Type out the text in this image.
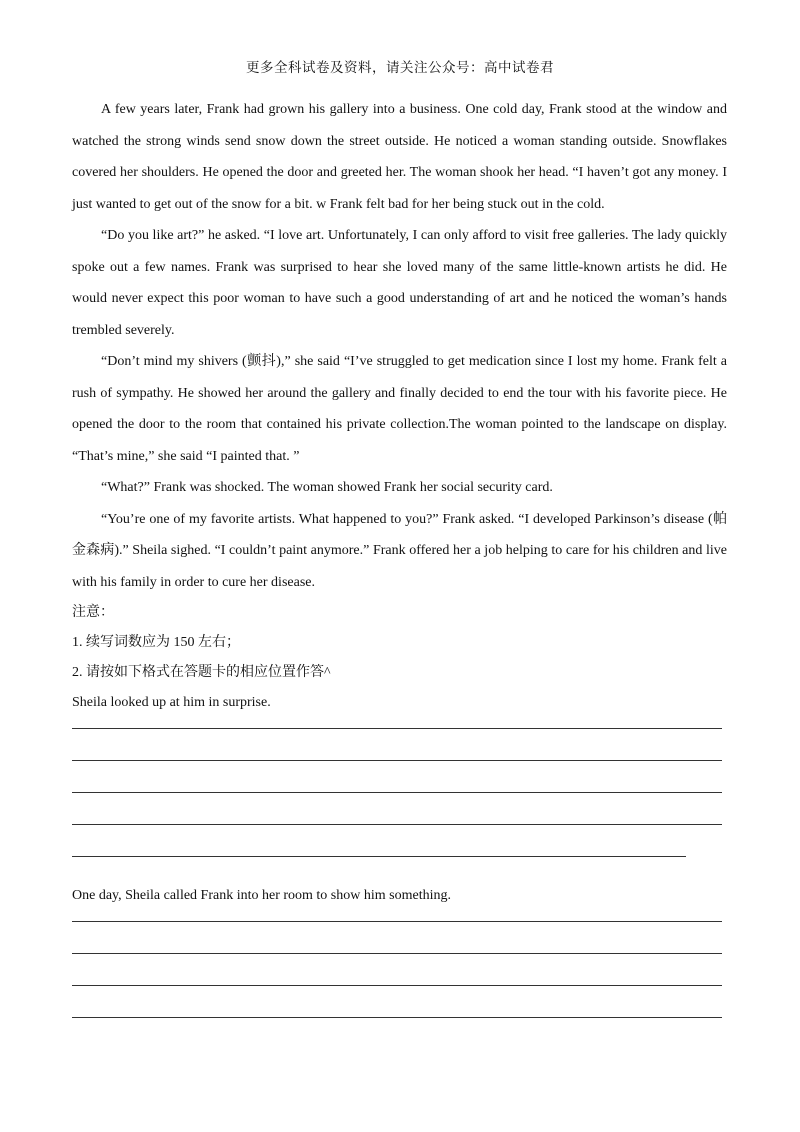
更多全科试卷及资料，请关注公众号：高中试卷君

A few years later, Frank had grown his gallery into a business. One cold day, Frank stood at the window and watched the strong winds send snow down the street outside. He noticed a woman standing outside. Snowflakes covered her shoulders. He opened the door and greeted her. The woman shook her head. “I haven’t got any money. I just wanted to get out of the snow for a bit. w Frank felt bad for her being stuck out in the cold.

“Do you like art?” he asked. “I love art. Unfortunately, I can only afford to visit free galleries. The lady quickly spoke out a few names. Frank was surprised to hear she loved many of the same little-known artists he did. He would never expect this poor woman to have such a good understanding of art and he noticed the woman’s hands trembled severely.

“Don’t mind my shivers (颤抖),” she said “I’ve struggled to get medication since I lost my home. Frank felt a rush of sympathy. He showed her around the gallery and finally decided to end the tour with his favorite piece. He opened the door to the room that contained his private collection.The woman pointed to the landscape on display. “That’s mine,” she said “I painted that. ”

“What?” Frank was shocked. The woman showed Frank her social security card.

“You’re one of my favorite artists. What happened to you?” Frank asked. “I developed Parkinson’s disease (帕金森病).” Sheila sighed. “I couldn’t paint anymore.” Frank offered her a job helping to care for his children and live with his family in order to cure her disease.

注意：
1. 续写词数应为 150 左右；
2. 请按如下格式在答题卡的相应位置作答^

Sheila looked up at him in surprise.

One day, Sheila called Frank into her room to show him something.
